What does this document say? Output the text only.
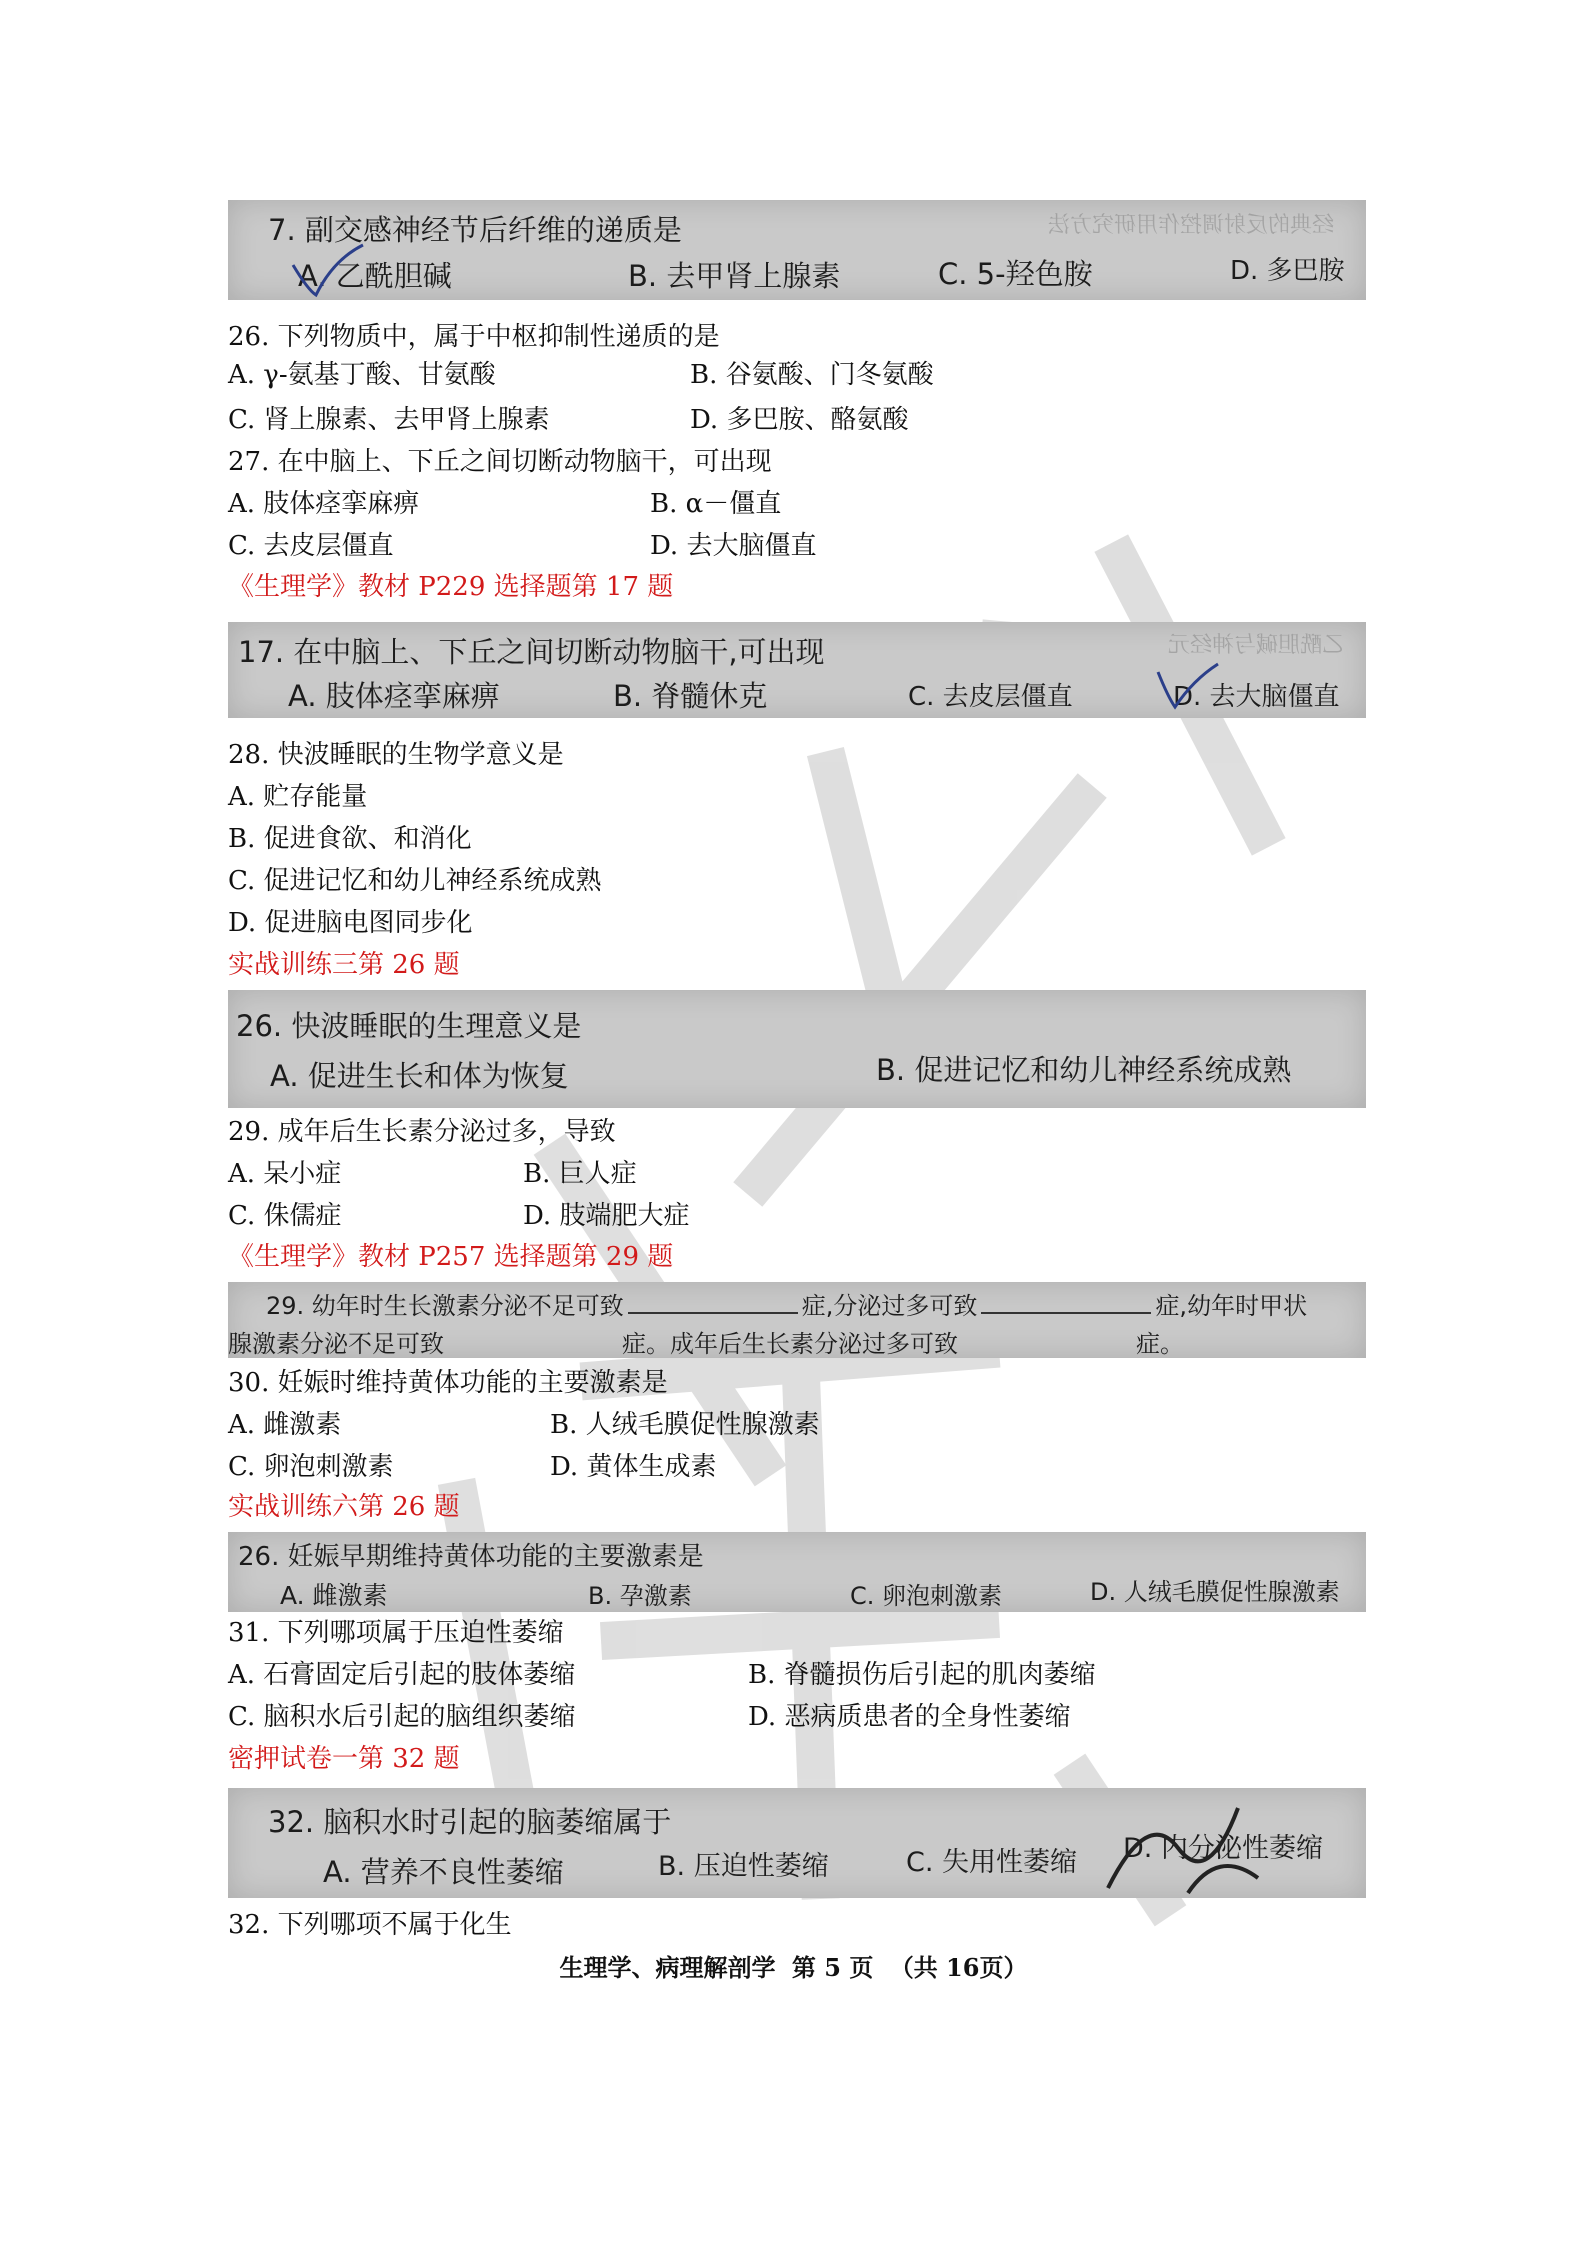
经典的反射调控作用研究方法
7. 副交感神经节后纤维的递质是
A. 乙酰胆碱	B. 去甲肾上腺素	C. 5-羟色胺	D. 多巴胺
26. 下列物质中，属于中枢抑制性递质的是
A. γ-氨基丁酸、甘氨酸	B. 谷氨酸、门冬氨酸
C. 肾上腺素、去甲肾上腺素	D. 多巴胺、酪氨酸
27. 在中脑上、下丘之间切断动物脑干，可出现
A. 肢体痉挛麻痹	B. α－僵直
C. 去皮层僵直	D. 去大脑僵直
《生理学》教材 P229 选择题第 17 题
乙酰胆碱与神经元
17. 在中脑上、下丘之间切断动物脑干,可出现
A. 肢体痉挛麻痹	B. 脊髓休克	C. 去皮层僵直	D. 去大脑僵直
28. 快波睡眠的生物学意义是
A. 贮存能量
B. 促进食欲、和消化
C. 促进记忆和幼儿神经系统成熟
D. 促进脑电图同步化
实战训练三第 26 题
26. 快波睡眠的生理意义是
A. 促进生长和体为恢复	B. 促进记忆和幼儿神经系统成熟
29. 成年后生长素分泌过多，导致
A. 呆小症	B. 巨人症
C. 侏儒症	D. 肢端肥大症
《生理学》教材 P257 选择题第 29 题
29. 幼年时生长激素分泌不足可致	症,分泌过多可致	症,幼年时甲状
腺激素分泌不足可致	症。成年后生长素分泌过多可致	症。
30. 妊娠时维持黄体功能的主要激素是
A. 雌激素	B. 人绒毛膜促性腺激素
C. 卵泡刺激素	D. 黄体生成素
实战训练六第 26 题
26. 妊娠早期维持黄体功能的主要激素是
A. 雌激素	B. 孕激素	C. 卵泡刺激素	D. 人绒毛膜促性腺激素
31. 下列哪项属于压迫性萎缩
A. 石膏固定后引起的肢体萎缩	B. 脊髓损伤后引起的肌肉萎缩
C. 脑积水后引起的脑组织萎缩	D. 恶病质患者的全身性萎缩
密押试卷一第 32 题
32. 脑积水时引起的脑萎缩属于
A. 营养不良性萎缩	B. 压迫性萎缩	C. 失用性萎缩 D. 内分泌性萎缩
32. 下列哪项不属于化生
生理学、病理解剖学 第 5 页 （共 16页）
